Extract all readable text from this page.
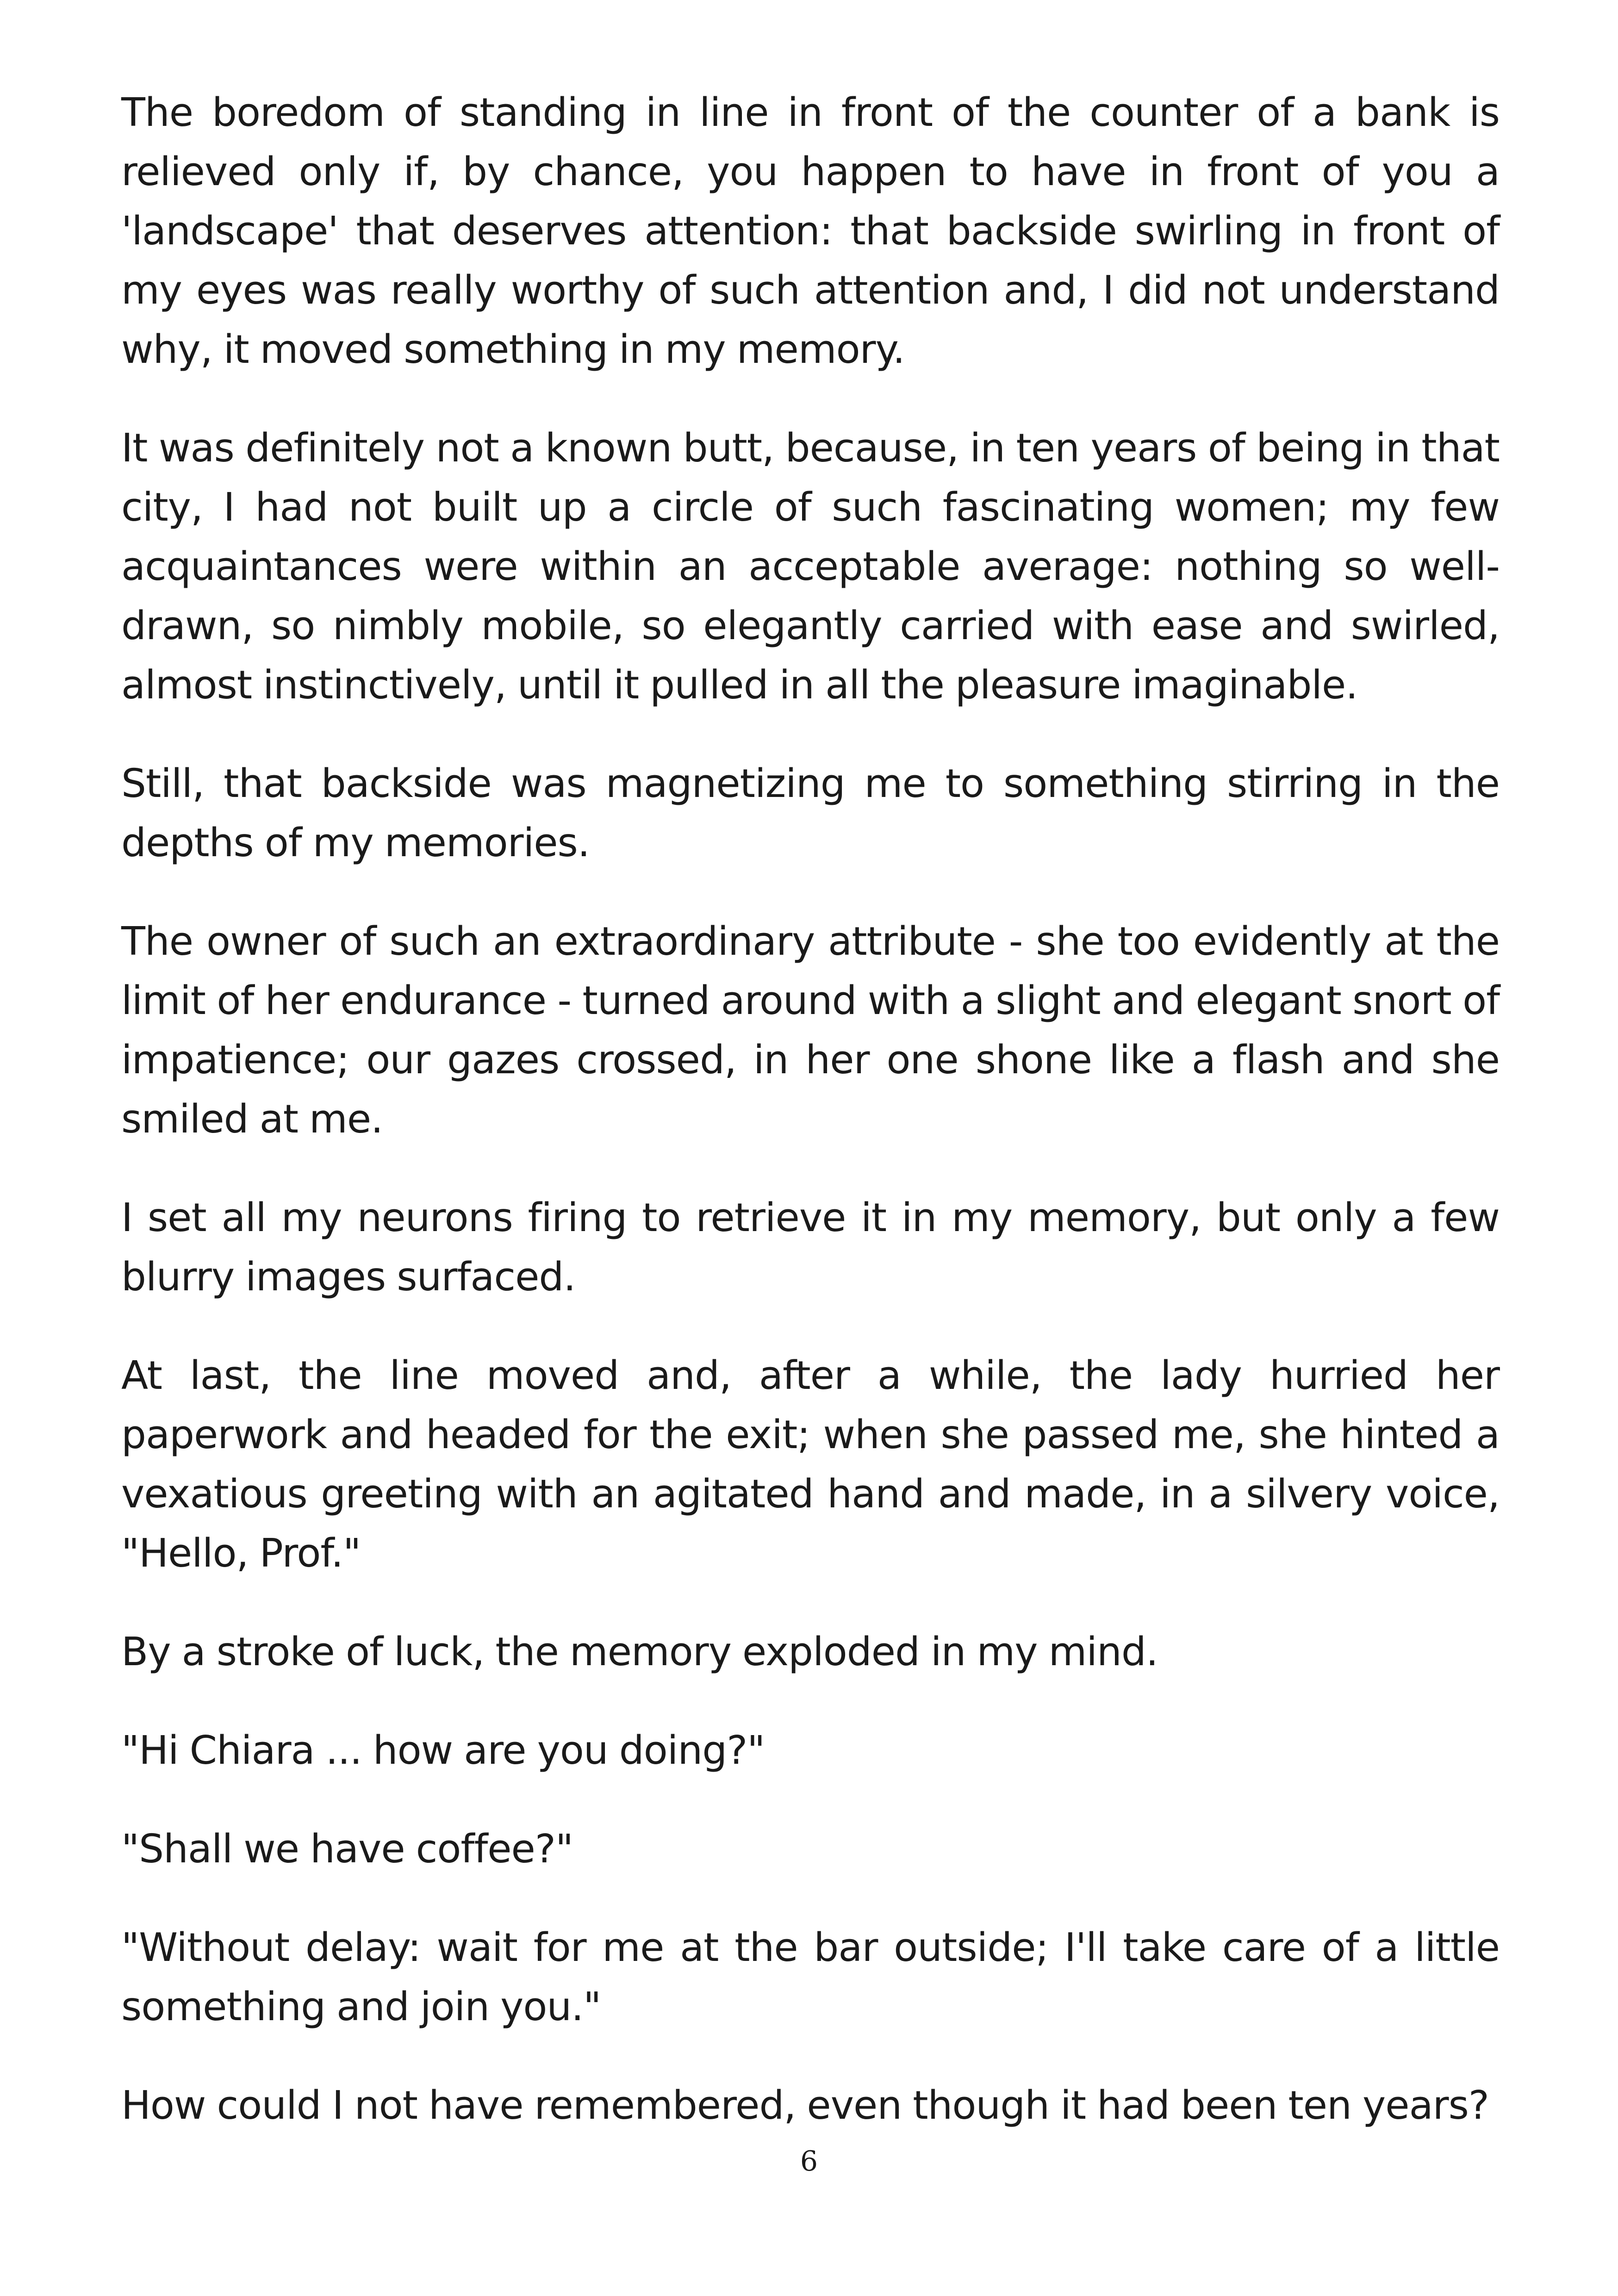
The boredom of standing in line in front of the counter of a bank is relieved only if, by chance, you happen to have in front of you a 'landscape' that deserves attention: that backside swirling in front of my eyes was really worthy of such attention and, I did not understand why, it moved something in my memory.

It was definitely not a known butt, because, in ten years of being in that city, I had not built up a circle of such fascinating women; my few acquaintances were within an acceptable average: nothing so well-drawn, so nimbly mobile, so elegantly carried with ease and swirled, almost instinctively, until it pulled in all the pleasure imaginable.

Still, that backside was magnetizing me to something stirring in the depths of my memories.

The owner of such an extraordinary attribute - she too evidently at the limit of her endurance - turned around with a slight and elegant snort of impatience; our gazes crossed, in her one shone like a flash and she smiled at me.

I set all my neurons firing to retrieve it in my memory, but only a few blurry images surfaced.

At last, the line moved and, after a while, the lady hurried her paperwork and headed for the exit; when she passed me, she hinted a vexatious greeting with an agitated hand and made, in a silvery voice, "Hello, Prof."

By a stroke of luck, the memory exploded in my mind.

"Hi Chiara ... how are you doing?"

"Shall we have coffee?"

"Without delay: wait for me at the bar outside; I'll take care of a little something and join you."

How could I not have remembered, even though it had been ten years?

6
